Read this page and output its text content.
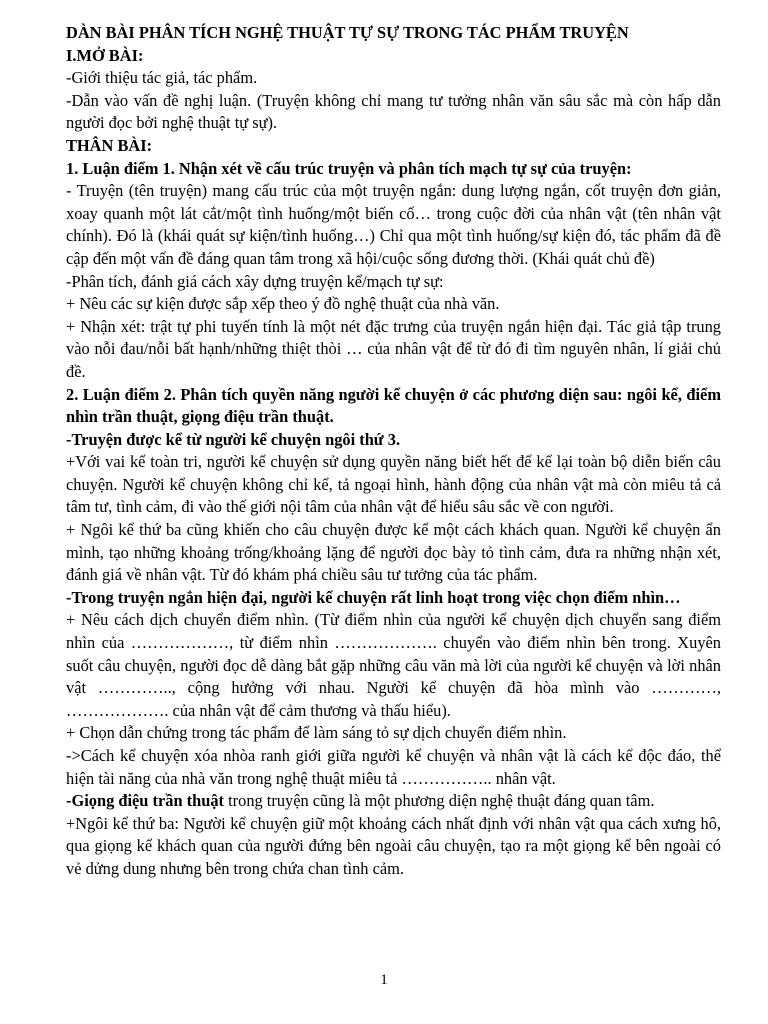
DÀN BÀI PHÂN TÍCH NGHỆ THUẬT TỰ SỰ TRONG TÁC PHẨM TRUYỆN

I.MỞ BÀI:

-Giới thiệu tác giả, tác phẩm.

-Dẫn vào vấn đề nghị luận. (Truyện không chỉ mang tư tưởng nhân văn sâu sắc mà còn hấp dẫn người đọc bởi nghệ thuật tự sự).

THÂN BÀI:

1. Luận điểm 1. Nhận xét về cấu trúc truyện và phân tích mạch tự sự của truyện:

- Truyện (tên truyện) mang cấu trúc của một truyện ngắn: dung lượng ngắn, cốt truyện đơn giản, xoay quanh một lát cắt/một tình huống/một biến cố… trong cuộc đời của nhân vật (tên nhân vật chính). Đó là (khái quát sự kiện/tình huống…) Chỉ qua một tình huống/sự kiện đó, tác phẩm đã đề cập đến một vấn đề đáng quan tâm trong xã hội/cuộc sống đương thời. (Khái quát chủ đề)

-Phân tích, đánh giá cách xây dựng truyện kể/mạch tự sự:

+ Nêu các sự kiện được sắp xếp theo ý đồ nghệ thuật của nhà văn.

+ Nhận xét: trật tự phi tuyến tính là một nét đặc trưng của truyện ngắn hiện đại. Tác giả tập trung vào nỗi đau/nỗi bất hạnh/những thiệt thòi … của nhân vật để từ đó đi tìm nguyên nhân, lí giải chủ đề.

2. Luận điểm 2. Phân tích quyền năng người kể chuyện ở các phương diện sau: ngôi kể, điểm nhìn trần thuật, giọng điệu trần thuật.

-Truyện được kể từ người kể chuyện ngôi thứ 3.

+Với vai kể toàn tri, người kể chuyện sử dụng quyền năng biết hết để kể lại toàn bộ diễn biến câu chuyện. Người kể chuyện không chỉ kể, tả ngoại hình, hành động của nhân vật mà còn miêu tả cả tâm tư, tình cảm, đi vào thế giới nội tâm của nhân vật để hiểu sâu sắc về con người.

+ Ngôi kể thứ ba cũng khiến cho câu chuyện được kể một cách khách quan. Người kể chuyện ẩn mình, tạo những khoảng trống/khoảng lặng để người đọc bày tỏ tình cảm, đưa ra những nhận xét, đánh giá về nhân vật. Từ đó khám phá chiều sâu tư tưởng của tác phẩm.

-Trong truyện ngắn hiện đại, người kể chuyện rất linh hoạt trong việc chọn điểm nhìn…

+ Nêu cách dịch chuyển điểm nhìn. (Từ điểm nhìn của người kể chuyện dịch chuyển sang điểm nhìn của ………………, từ điểm nhìn ………………. chuyển vào điểm nhìn bên trong. Xuyên suốt câu chuyện, người đọc dễ dàng bắt gặp những câu văn mà lời của người kể chuyện và lời nhân vật ………….., cộng hưởng với nhau. Người kể chuyện đã hòa mình vào …………, ………………. của nhân vật để cảm thương và thấu hiểu).

+ Chọn dẫn chứng trong tác phẩm để làm sáng tỏ sự dịch chuyển điểm nhìn.

->Cách kể chuyện xóa nhòa ranh giới giữa người kể chuyện và nhân vật là cách kể độc đáo, thể hiện tài năng của nhà văn trong nghệ thuật miêu tả …………….. nhân vật.

-Giọng điệu trần thuật trong truyện cũng là một phương diện nghệ thuật đáng quan tâm.

+Ngôi kể thứ ba: Người kể chuyện giữ một khoảng cách nhất định với nhân vật qua cách xưng hô, qua giọng kể khách quan của người đứng bên ngoài câu chuyện, tạo ra một giọng kể bên ngoài có vẻ dửng dung nhưng bên trong chứa chan tình cảm.

1
